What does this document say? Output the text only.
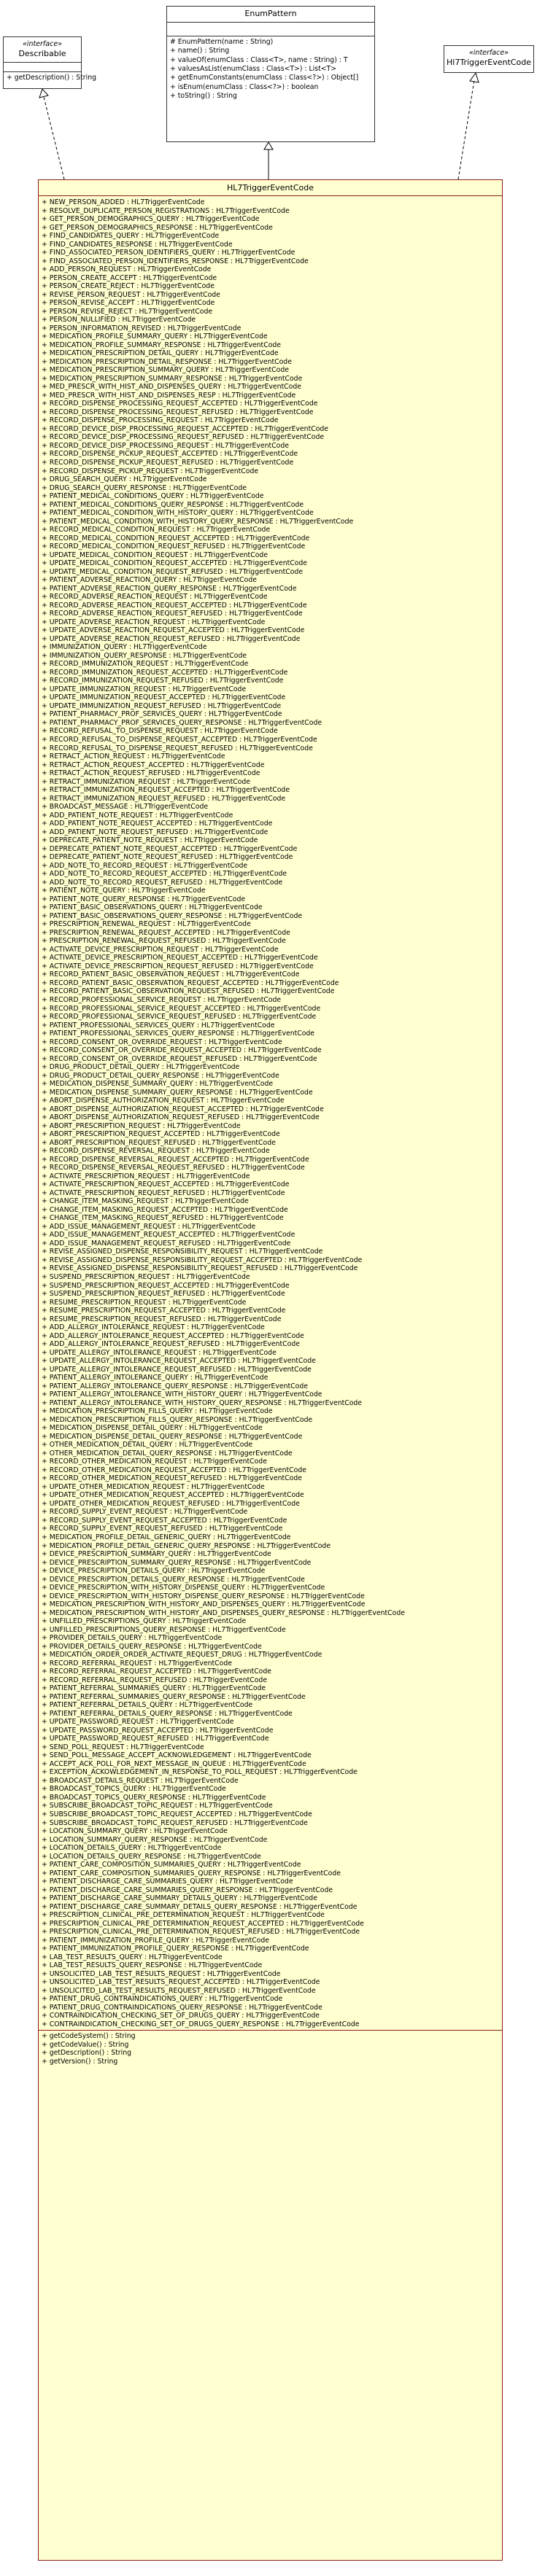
EnumPattern
# EnumPattern(name : String)
+ name() : String
+ valueOf(enumClass : Class<T>, name : String) : T
+ valuesAsList(enumClass : Class<T>) : List<T>
+ getEnumConstants(enumClass : Class<?>) : Object[]
+ isEnum(enumClass : Class<?>) : boolean
+ toString() : String
«interface»
Describable
+ getDescription() : String
«interface»
Hl7TriggerEventCode
HL7TriggerEventCode
+ NEW_PERSON_ADDED : HL7TriggerEventCode
+ RESOLVE_DUPLICATE_PERSON_REGISTRATIONS : HL7TriggerEventCode
+ GET_PERSON_DEMOGRAPHICS_QUERY : HL7TriggerEventCode
+ GET_PERSON_DEMOGRAPHICS_RESPONSE : HL7TriggerEventCode
+ FIND_CANDIDATES_QUERY : HL7TriggerEventCode
+ FIND_CANDIDATES_RESPONSE : HL7TriggerEventCode
+ FIND_ASSOCIATED_PERSON_IDENTIFIERS_QUERY : HL7TriggerEventCode
+ FIND_ASSOCIATED_PERSON_IDENTIFIERS_RESPONSE : HL7TriggerEventCode
+ ADD_PERSON_REQUEST : HL7TriggerEventCode
+ PERSON_CREATE_ACCEPT : HL7TriggerEventCode
+ PERSON_CREATE_REJECT : HL7TriggerEventCode
+ REVISE_PERSON_REQUEST : HL7TriggerEventCode
+ PERSON_REVISE_ACCEPT : HL7TriggerEventCode
+ PERSON_REVISE_REJECT : HL7TriggerEventCode
+ PERSON_NULLIFIED : HL7TriggerEventCode
+ PERSON_INFORMATION_REVISED : HL7TriggerEventCode
+ MEDICATION_PROFILE_SUMMARY_QUERY : HL7TriggerEventCode
+ MEDICATION_PROFILE_SUMMARY_RESPONSE : HL7TriggerEventCode
+ MEDICATION_PRESCRIPTION_DETAIL_QUERY : HL7TriggerEventCode
+ MEDICATION_PRESCRIPTION_DETAIL_RESPONSE : HL7TriggerEventCode
+ MEDICATION_PRESCRIPTION_SUMMARY_QUERY : HL7TriggerEventCode
+ MEDICATION_PRESCRIPTION_SUMMARY_RESPONSE : HL7TriggerEventCode
+ MED_PRESCR_WITH_HIST_AND_DISPENSES_QUERY : HL7TriggerEventCode
+ MED_PRESCR_WITH_HIST_AND_DISPENSES_RESP : HL7TriggerEventCode
+ RECORD_DISPENSE_PROCESSING_REQUEST_ACCEPTED : HL7TriggerEventCode
+ RECORD_DISPENSE_PROCESSING_REQUEST_REFUSED : HL7TriggerEventCode
+ RECORD_DISPENSE_PROCESSING_REQUEST : HL7TriggerEventCode
+ RECORD_DEVICE_DISP_PROCESSING_REQUEST_ACCEPTED : HL7TriggerEventCode
+ RECORD_DEVICE_DISP_PROCESSING_REQUEST_REFUSED : HL7TriggerEventCode
+ RECORD_DEVICE_DISP_PROCESSING_REQUEST : HL7TriggerEventCode
+ RECORD_DISPENSE_PICKUP_REQUEST_ACCEPTED : HL7TriggerEventCode
+ RECORD_DISPENSE_PICKUP_REQUEST_REFUSED : HL7TriggerEventCode
+ RECORD_DISPENSE_PICKUP_REQUEST : HL7TriggerEventCode
+ DRUG_SEARCH_QUERY : HL7TriggerEventCode
+ DRUG_SEARCH_QUERY_RESPONSE : HL7TriggerEventCode
+ PATIENT_MEDICAL_CONDITIONS_QUERY : HL7TriggerEventCode
+ PATIENT_MEDICAL_CONDITIONS_QUERY_RESPONSE : HL7TriggerEventCode
+ PATIENT_MEDICAL_CONDITION_WITH_HISTORY_QUERY : HL7TriggerEventCode
+ PATIENT_MEDICAL_CONDITION_WITH_HISTORY_QUERY_RESPONSE : HL7TriggerEventCode
+ RECORD_MEDICAL_CONDITION_REQUEST : HL7TriggerEventCode
+ RECORD_MEDICAL_CONDITION_REQUEST_ACCEPTED : HL7TriggerEventCode
+ RECORD_MEDICAL_CONDITION_REQUEST_REFUSED : HL7TriggerEventCode
+ UPDATE_MEDICAL_CONDITION_REQUEST : HL7TriggerEventCode
+ UPDATE_MEDICAL_CONDITION_REQUEST_ACCEPTED : HL7TriggerEventCode
+ UPDATE_MEDICAL_CONDITION_REQUEST_REFUSED : HL7TriggerEventCode
+ PATIENT_ADVERSE_REACTION_QUERY : HL7TriggerEventCode
+ PATIENT_ADVERSE_REACTION_QUERY_RESPONSE : HL7TriggerEventCode
+ RECORD_ADVERSE_REACTION_REQUEST : HL7TriggerEventCode
+ RECORD_ADVERSE_REACTION_REQUEST_ACCEPTED : HL7TriggerEventCode
+ RECORD_ADVERSE_REACTION_REQUEST_REFUSED : HL7TriggerEventCode
+ UPDATE_ADVERSE_REACTION_REQUEST : HL7TriggerEventCode
+ UPDATE_ADVERSE_REACTION_REQUEST_ACCEPTED : HL7TriggerEventCode
+ UPDATE_ADVERSE_REACTION_REQUEST_REFUSED : HL7TriggerEventCode
+ IMMUNIZATION_QUERY : HL7TriggerEventCode
+ IMMUNIZATION_QUERY_RESPONSE : HL7TriggerEventCode
+ RECORD_IMMUNIZATION_REQUEST : HL7TriggerEventCode
+ RECORD_IMMUNIZATION_REQUEST_ACCEPTED : HL7TriggerEventCode
+ RECORD_IMMUNIZATION_REQUEST_REFUSED : HL7TriggerEventCode
+ UPDATE_IMMUNIZATION_REQUEST : HL7TriggerEventCode
+ UPDATE_IMMUNIZATION_REQUEST_ACCEPTED : HL7TriggerEventCode
+ UPDATE_IMMUNIZATION_REQUEST_REFUSED : HL7TriggerEventCode
+ PATIENT_PHARMACY_PROF_SERVICES_QUERY : HL7TriggerEventCode
+ PATIENT_PHARMACY_PROF_SERVICES_QUERY_RESPONSE : HL7TriggerEventCode
+ RECORD_REFUSAL_TO_DISPENSE_REQUEST : HL7TriggerEventCode
+ RECORD_REFUSAL_TO_DISPENSE_REQUEST_ACCEPTED : HL7TriggerEventCode
+ RECORD_REFUSAL_TO_DISPENSE_REQUEST_REFUSED : HL7TriggerEventCode
+ RETRACT_ACTION_REQUEST : HL7TriggerEventCode
+ RETRACT_ACTION_REQUEST_ACCEPTED : HL7TriggerEventCode
+ RETRACT_ACTION_REQUEST_REFUSED : HL7TriggerEventCode
+ RETRACT_IMMUNIZATION_REQUEST : HL7TriggerEventCode
+ RETRACT_IMMUNIZATION_REQUEST_ACCEPTED : HL7TriggerEventCode
+ RETRACT_IMMUNIZATION_REQUEST_REFUSED : HL7TriggerEventCode
+ BROADCAST_MESSAGE : HL7TriggerEventCode
+ ADD_PATIENT_NOTE_REQUEST : HL7TriggerEventCode
+ ADD_PATIENT_NOTE_REQUEST_ACCEPTED : HL7TriggerEventCode
+ ADD_PATIENT_NOTE_REQUEST_REFUSED : HL7TriggerEventCode
+ DEPRECATE_PATIENT_NOTE_REQUEST : HL7TriggerEventCode
+ DEPRECATE_PATIENT_NOTE_REQUEST_ACCEPTED : HL7TriggerEventCode
+ DEPRECATE_PATIENT_NOTE_REQUEST_REFUSED : HL7TriggerEventCode
+ ADD_NOTE_TO_RECORD_REQUEST : HL7TriggerEventCode
+ ADD_NOTE_TO_RECORD_REQUEST_ACCEPTED : HL7TriggerEventCode
+ ADD_NOTE_TO_RECORD_REQUEST_REFUSED : HL7TriggerEventCode
+ PATIENT_NOTE_QUERY : HL7TriggerEventCode
+ PATIENT_NOTE_QUERY_RESPONSE : HL7TriggerEventCode
+ PATIENT_BASIC_OBSERVATIONS_QUERY : HL7TriggerEventCode
+ PATIENT_BASIC_OBSERVATIONS_QUERY_RESPONSE : HL7TriggerEventCode
+ PRESCRIPTION_RENEWAL_REQUEST : HL7TriggerEventCode
+ PRESCRIPTION_RENEWAL_REQUEST_ACCEPTED : HL7TriggerEventCode
+ PRESCRIPTION_RENEWAL_REQUEST_REFUSED : HL7TriggerEventCode
+ ACTIVATE_DEVICE_PRESCRIPTION_REQUEST : HL7TriggerEventCode
+ ACTIVATE_DEVICE_PRESCRIPTION_REQUEST_ACCEPTED : HL7TriggerEventCode
+ ACTIVATE_DEVICE_PRESCRIPTION_REQUEST_REFUSED : HL7TriggerEventCode
+ RECORD_PATIENT_BASIC_OBSERVATION_REQUEST : HL7TriggerEventCode
+ RECORD_PATIENT_BASIC_OBSERVATION_REQUEST_ACCEPTED : HL7TriggerEventCode
+ RECORD_PATIENT_BASIC_OBSERVATION_REQUEST_REFUSED : HL7TriggerEventCode
+ RECORD_PROFESSIONAL_SERVICE_REQUEST : HL7TriggerEventCode
+ RECORD_PROFESSIONAL_SERVICE_REQUEST_ACCEPTED : HL7TriggerEventCode
+ RECORD_PROFESSIONAL_SERVICE_REQUEST_REFUSED : HL7TriggerEventCode
+ PATIENT_PROFESSIONAL_SERVICES_QUERY : HL7TriggerEventCode
+ PATIENT_PROFESSIONAL_SERVICES_QUERY_RESPONSE : HL7TriggerEventCode
+ RECORD_CONSENT_OR_OVERRIDE_REQUEST : HL7TriggerEventCode
+ RECORD_CONSENT_OR_OVERRIDE_REQUEST_ACCEPTED : HL7TriggerEventCode
+ RECORD_CONSENT_OR_OVERRIDE_REQUEST_REFUSED : HL7TriggerEventCode
+ DRUG_PRODUCT_DETAIL_QUERY : HL7TriggerEventCode
+ DRUG_PRODUCT_DETAIL_QUERY_RESPONSE : HL7TriggerEventCode
+ MEDICATION_DISPENSE_SUMMARY_QUERY : HL7TriggerEventCode
+ MEDICATION_DISPENSE_SUMMARY_QUERY_RESPONSE : HL7TriggerEventCode
+ ABORT_DISPENSE_AUTHORIZATION_REQUEST : HL7TriggerEventCode
+ ABORT_DISPENSE_AUTHORIZATION_REQUEST_ACCEPTED : HL7TriggerEventCode
+ ABORT_DISPENSE_AUTHORIZATION_REQUEST_REFUSED : HL7TriggerEventCode
+ ABORT_PRESCRIPTION_REQUEST : HL7TriggerEventCode
+ ABORT_PRESCRIPTION_REQUEST_ACCEPTED : HL7TriggerEventCode
+ ABORT_PRESCRIPTION_REQUEST_REFUSED : HL7TriggerEventCode
+ RECORD_DISPENSE_REVERSAL_REQUEST : HL7TriggerEventCode
+ RECORD_DISPENSE_REVERSAL_REQUEST_ACCEPTED : HL7TriggerEventCode
+ RECORD_DISPENSE_REVERSAL_REQUEST_REFUSED : HL7TriggerEventCode
+ ACTIVATE_PRESCRIPTION_REQUEST : HL7TriggerEventCode
+ ACTIVATE_PRESCRIPTION_REQUEST_ACCEPTED : HL7TriggerEventCode
+ ACTIVATE_PRESCRIPTION_REQUEST_REFUSED : HL7TriggerEventCode
+ CHANGE_ITEM_MASKING_REQUEST : HL7TriggerEventCode
+ CHANGE_ITEM_MASKING_REQUEST_ACCEPTED : HL7TriggerEventCode
+ CHANGE_ITEM_MASKING_REQUEST_REFUSED : HL7TriggerEventCode
+ ADD_ISSUE_MANAGEMENT_REQUEST : HL7TriggerEventCode
+ ADD_ISSUE_MANAGEMENT_REQUEST_ACCEPTED : HL7TriggerEventCode
+ ADD_ISSUE_MANAGEMENT_REQUEST_REFUSED : HL7TriggerEventCode
+ REVISE_ASSIGNED_DISPENSE_RESPONSIBILITY_REQUEST : HL7TriggerEventCode
+ REVISE_ASSIGNED_DISPENSE_RESPONSIBILITY_REQUEST_ACCEPTED : HL7TriggerEventCode
+ REVISE_ASSIGNED_DISPENSE_RESPONSIBILITY_REQUEST_REFUSED : HL7TriggerEventCode
+ SUSPEND_PRESCRIPTION_REQUEST : HL7TriggerEventCode
+ SUSPEND_PRESCRIPTION_REQUEST_ACCEPTED : HL7TriggerEventCode
+ SUSPEND_PRESCRIPTION_REQUEST_REFUSED : HL7TriggerEventCode
+ RESUME_PRESCRIPTION_REQUEST : HL7TriggerEventCode
+ RESUME_PRESCRIPTION_REQUEST_ACCEPTED : HL7TriggerEventCode
+ RESUME_PRESCRIPTION_REQUEST_REFUSED : HL7TriggerEventCode
+ ADD_ALLERGY_INTOLERANCE_REQUEST : HL7TriggerEventCode
+ ADD_ALLERGY_INTOLERANCE_REQUEST_ACCEPTED : HL7TriggerEventCode
+ ADD_ALLERGY_INTOLERANCE_REQUEST_REFUSED : HL7TriggerEventCode
+ UPDATE_ALLERGY_INTOLERANCE_REQUEST : HL7TriggerEventCode
+ UPDATE_ALLERGY_INTOLERANCE_REQUEST_ACCEPTED : HL7TriggerEventCode
+ UPDATE_ALLERGY_INTOLERANCE_REQUEST_REFUSED : HL7TriggerEventCode
+ PATIENT_ALLERGY_INTOLERANCE_QUERY : HL7TriggerEventCode
+ PATIENT_ALLERGY_INTOLERANCE_QUERY_RESPONSE : HL7TriggerEventCode
+ PATIENT_ALLERGY_INTOLERANCE_WITH_HISTORY_QUERY : HL7TriggerEventCode
+ PATIENT_ALLERGY_INTOLERANCE_WITH_HISTORY_QUERY_RESPONSE : HL7TriggerEventCode
+ MEDICATION_PRESCRIPTION_FILLS_QUERY : HL7TriggerEventCode
+ MEDICATION_PRESCRIPTION_FILLS_QUERY_RESPONSE : HL7TriggerEventCode
+ MEDICATION_DISPENSE_DETAIL_QUERY : HL7TriggerEventCode
+ MEDICATION_DISPENSE_DETAIL_QUERY_RESPONSE : HL7TriggerEventCode
+ OTHER_MEDICATION_DETAIL_QUERY : HL7TriggerEventCode
+ OTHER_MEDICATION_DETAIL_QUERY_RESPONSE : HL7TriggerEventCode
+ RECORD_OTHER_MEDICATION_REQUEST : HL7TriggerEventCode
+ RECORD_OTHER_MEDICATION_REQUEST_ACCEPTED : HL7TriggerEventCode
+ RECORD_OTHER_MEDICATION_REQUEST_REFUSED : HL7TriggerEventCode
+ UPDATE_OTHER_MEDICATION_REQUEST : HL7TriggerEventCode
+ UPDATE_OTHER_MEDICATION_REQUEST_ACCEPTED : HL7TriggerEventCode
+ UPDATE_OTHER_MEDICATION_REQUEST_REFUSED : HL7TriggerEventCode
+ RECORD_SUPPLY_EVENT_REQUEST : HL7TriggerEventCode
+ RECORD_SUPPLY_EVENT_REQUEST_ACCEPTED : HL7TriggerEventCode
+ RECORD_SUPPLY_EVENT_REQUEST_REFUSED : HL7TriggerEventCode
+ MEDICATION_PROFILE_DETAIL_GENERIC_QUERY : HL7TriggerEventCode
+ MEDICATION_PROFILE_DETAIL_GENERIC_QUERY_RESPONSE : HL7TriggerEventCode
+ DEVICE_PRESCRIPTION_SUMMARY_QUERY : HL7TriggerEventCode
+ DEVICE_PRESCRIPTION_SUMMARY_QUERY_RESPONSE : HL7TriggerEventCode
+ DEVICE_PRESCRIPTION_DETAILS_QUERY : HL7TriggerEventCode
+ DEVICE_PRESCRIPTION_DETAILS_QUERY_RESPONSE : HL7TriggerEventCode
+ DEVICE_PRESCRIPTION_WITH_HISTORY_DISPENSE_QUERY : HL7TriggerEventCode
+ DEVICE_PRESCRIPTION_WITH_HISTORY_DISPENSE_QUERY_RESPONSE : HL7TriggerEventCode
+ MEDICATION_PRESCRIPTION_WITH_HISTORY_AND_DISPENSES_QUERY : HL7TriggerEventCode
+ MEDICATION_PRESCRIPTION_WITH_HISTORY_AND_DISPENSES_QUERY_RESPONSE : HL7TriggerEventCode
+ UNFILLED_PRESCRIPTIONS_QUERY : HL7TriggerEventCode
+ UNFILLED_PRESCRIPTIONS_QUERY_RESPONSE : HL7TriggerEventCode
+ PROVIDER_DETAILS_QUERY : HL7TriggerEventCode
+ PROVIDER_DETAILS_QUERY_RESPONSE : HL7TriggerEventCode
+ MEDICATION_ORDER_ORDER_ACTIVATE_REQUEST_DRUG : HL7TriggerEventCode
+ RECORD_REFERRAL_REQUEST : HL7TriggerEventCode
+ RECORD_REFERRAL_REQUEST_ACCEPTED : HL7TriggerEventCode
+ RECORD_REFERRAL_REQUEST_REFUSED : HL7TriggerEventCode
+ PATIENT_REFERRAL_SUMMARIES_QUERY : HL7TriggerEventCode
+ PATIENT_REFERRAL_SUMMARIES_QUERY_RESPONSE : HL7TriggerEventCode
+ PATIENT_REFERRAL_DETAILS_QUERY : HL7TriggerEventCode
+ PATIENT_REFERRAL_DETAILS_QUERY_RESPONSE : HL7TriggerEventCode
+ UPDATE_PASSWORD_REQUEST : HL7TriggerEventCode
+ UPDATE_PASSWORD_REQUEST_ACCEPTED : HL7TriggerEventCode
+ UPDATE_PASSWORD_REQUEST_REFUSED : HL7TriggerEventCode
+ SEND_POLL_REQUEST : HL7TriggerEventCode
+ SEND_POLL_MESSAGE_ACCEPT_ACKNOWLEDGEMENT : HL7TriggerEventCode
+ ACCEPT_ACK_POLL_FOR_NEXT_MESSAGE_IN_QUEUE : HL7TriggerEventCode
+ EXCEPTION_ACKOWLEDGEMENT_IN_RESPONSE_TO_POLL_REQUEST : HL7TriggerEventCode
+ BROADCAST_DETAILS_REQUEST : HL7TriggerEventCode
+ BROADCAST_TOPICS_QUERY : HL7TriggerEventCode
+ BROADCAST_TOPICS_QUERY_RESPONSE : HL7TriggerEventCode
+ SUBSCRIBE_BROADCAST_TOPIC_REQUEST : HL7TriggerEventCode
+ SUBSCRIBE_BROADCAST_TOPIC_REQUEST_ACCEPTED : HL7TriggerEventCode
+ SUBSCRIBE_BROADCAST_TOPIC_REQUEST_REFUSED : HL7TriggerEventCode
+ LOCATION_SUMMARY_QUERY : HL7TriggerEventCode
+ LOCATION_SUMMARY_QUERY_RESPONSE : HL7TriggerEventCode
+ LOCATION_DETAILS_QUERY : HL7TriggerEventCode
+ LOCATION_DETAILS_QUERY_RESPONSE : HL7TriggerEventCode
+ PATIENT_CARE_COMPOSITION_SUMMARIES_QUERY : HL7TriggerEventCode
+ PATIENT_CARE_COMPOSITION_SUMMARIES_QUERY_RESPONSE : HL7TriggerEventCode
+ PATIENT_DISCHARGE_CARE_SUMMARIES_QUERY : HL7TriggerEventCode
+ PATIENT_DISCHARGE_CARE_SUMMARIES_QUERY_RESPONSE : HL7TriggerEventCode
+ PATIENT_DISCHARGE_CARE_SUMMARY_DETAILS_QUERY : HL7TriggerEventCode
+ PATIENT_DISCHARGE_CARE_SUMMARY_DETAILS_QUERY_RESPONSE : HL7TriggerEventCode
+ PRESCRIPTION_CLINICAL_PRE_DETERMINATION_REQUEST : HL7TriggerEventCode
+ PRESCRIPTION_CLINICAL_PRE_DETERMINATION_REQUEST_ACCEPTED : HL7TriggerEventCode
+ PRESCRIPTION_CLINICAL_PRE_DETERMINATION_REQUEST_REFUSED : HL7TriggerEventCode
+ PATIENT_IMMUNIZATION_PROFILE_QUERY : HL7TriggerEventCode
+ PATIENT_IMMUNIZATION_PROFILE_QUERY_RESPONSE : HL7TriggerEventCode
+ LAB_TEST_RESULTS_QUERY : HL7TriggerEventCode
+ LAB_TEST_RESULTS_QUERY_RESPONSE : HL7TriggerEventCode
+ UNSOLICITED_LAB_TEST_RESULTS_REQUEST : HL7TriggerEventCode
+ UNSOLICITED_LAB_TEST_RESULTS_REQUEST_ACCEPTED : HL7TriggerEventCode
+ UNSOLICITED_LAB_TEST_RESULTS_REQUEST_REFUSED : HL7TriggerEventCode
+ PATIENT_DRUG_CONTRAINDICATIONS_QUERY : HL7TriggerEventCode
+ PATIENT_DRUG_CONTRAINDICATIONS_QUERY_RESPONSE : HL7TriggerEventCode
+ CONTRAINDICATION_CHECKING_SET_OF_DRUGS_QUERY : HL7TriggerEventCode
+ CONTRAINDICATION_CHECKING_SET_OF_DRUGS_QUERY_RESPONSE : HL7TriggerEventCode
+ getCodeSystem() : String
+ getCodeValue() : String
+ getDescription() : String
+ getVersion() : String
